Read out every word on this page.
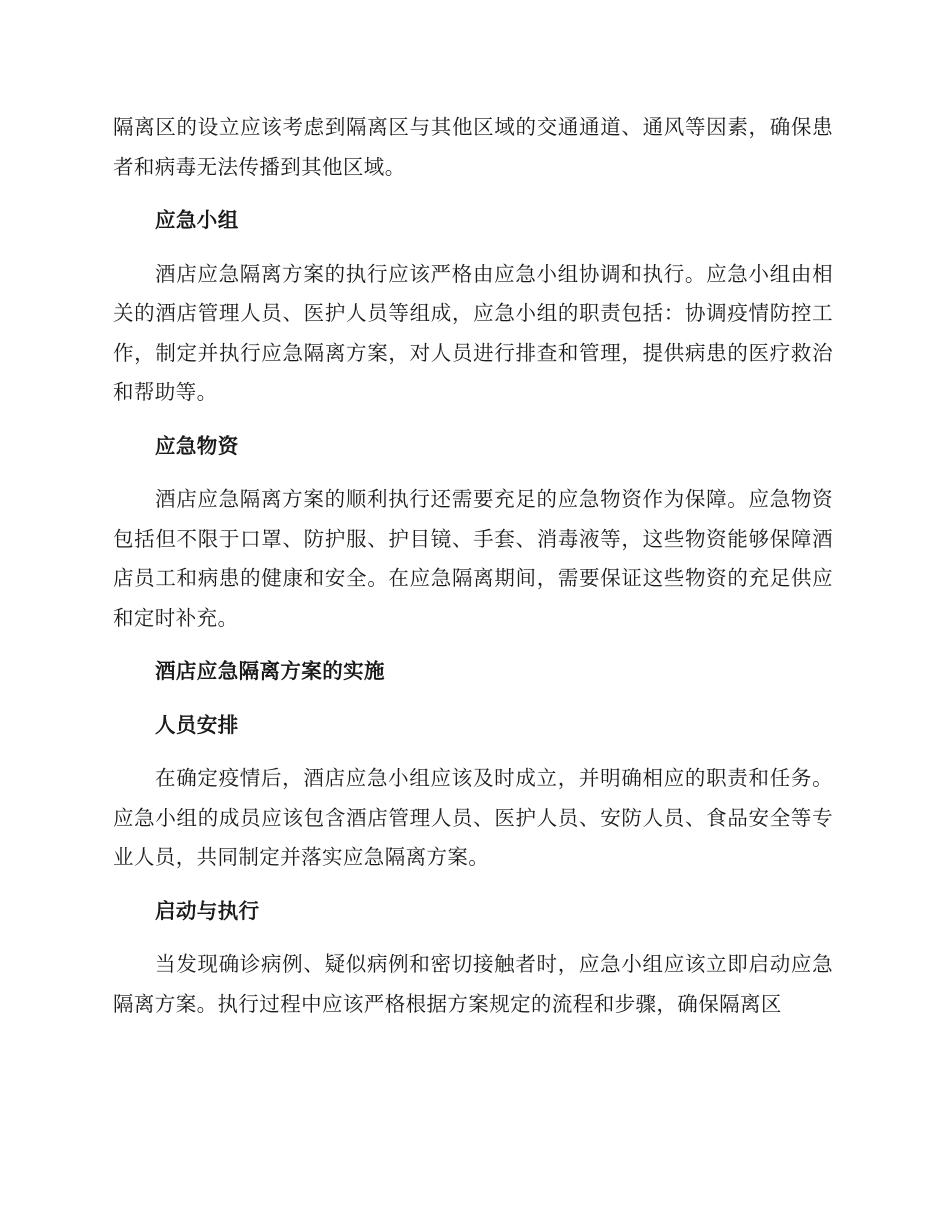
隔离区的设立应该考虑到隔离区与其他区域的交通通道、通风等因素，确保患者和病毒无法传播到其他区域。

应急小组

酒店应急隔离方案的执行应该严格由应急小组协调和执行。应急小组由相关的酒店管理人员、医护人员等组成，应急小组的职责包括：协调疫情防控工作，制定并执行应急隔离方案，对人员进行排查和管理，提供病患的医疗救治和帮助等。

应急物资

酒店应急隔离方案的顺利执行还需要充足的应急物资作为保障。应急物资包括但不限于口罩、防护服、护目镜、手套、消毒液等，这些物资能够保障酒店员工和病患的健康和安全。在应急隔离期间，需要保证这些物资的充足供应和定时补充。

酒店应急隔离方案的实施
人员安排

在确定疫情后，酒店应急小组应该及时成立，并明确相应的职责和任务。应急小组的成员应该包含酒店管理人员、医护人员、安防人员、食品安全等专业人员，共同制定并落实应急隔离方案。

启动与执行

当发现确诊病例、疑似病例和密切接触者时，应急小组应该立即启动应急隔离方案。执行过程中应该严格根据方案规定的流程和步骤，确保隔离区
